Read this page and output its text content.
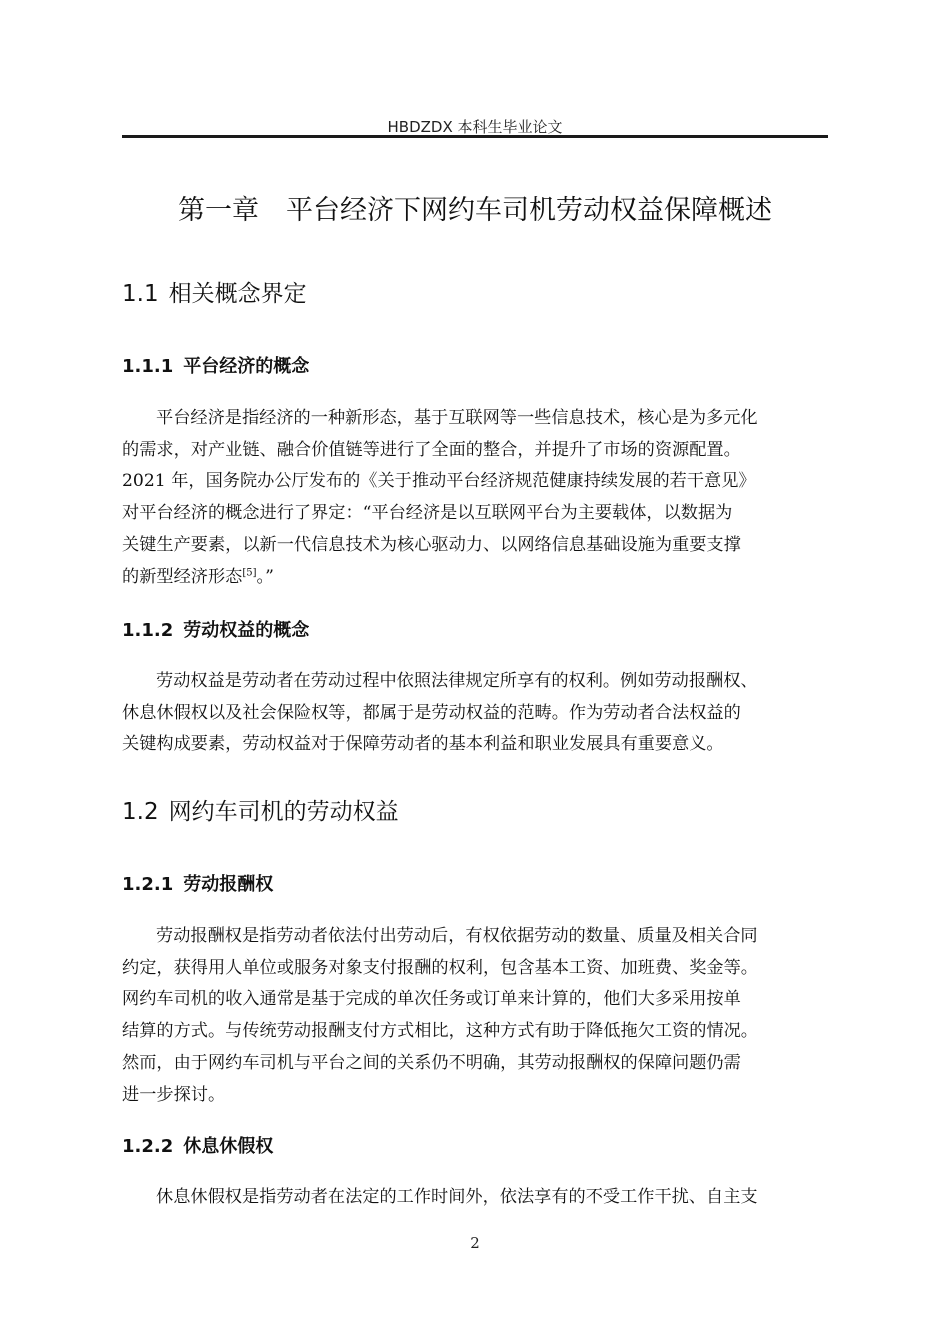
HBDZDX 本科生毕业论文
第一章　平台经济下网约车司机劳动权益保障概述
1.1 相关概念界定
1.1.1 平台经济的概念
平台经济是指经济的一种新形态，基于互联网等一些信息技术，核心是为多元化
的需求，对产业链、融合价值链等进行了全面的整合，并提升了市场的资源配置。
2021 年，国务院办公厅发布的《关于推动平台经济规范健康持续发展的若干意见》
对平台经济的概念进行了界定：“平台经济是以互联网平台为主要载体，以数据为
关键生产要素，以新一代信息技术为核心驱动力、以网络信息基础设施为重要支撑
的新型经济形态[5]。”
1.1.2 劳动权益的概念
劳动权益是劳动者在劳动过程中依照法律规定所享有的权利。例如劳动报酬权、
休息休假权以及社会保险权等，都属于是劳动权益的范畴。作为劳动者合法权益的
关键构成要素，劳动权益对于保障劳动者的基本利益和职业发展具有重要意义。
1.2 网约车司机的劳动权益
1.2.1 劳动报酬权
劳动报酬权是指劳动者依法付出劳动后，有权依据劳动的数量、质量及相关合同
约定，获得用人单位或服务对象支付报酬的权利，包含基本工资、加班费、奖金等。
网约车司机的收入通常是基于完成的单次任务或订单来计算的，他们大多采用按单
结算的方式。与传统劳动报酬支付方式相比，这种方式有助于降低拖欠工资的情况。
然而，由于网约车司机与平台之间的关系仍不明确，其劳动报酬权的保障问题仍需
进一步探讨。
1.2.2 休息休假权
休息休假权是指劳动者在法定的工作时间外，依法享有的不受工作干扰、自主支
2
